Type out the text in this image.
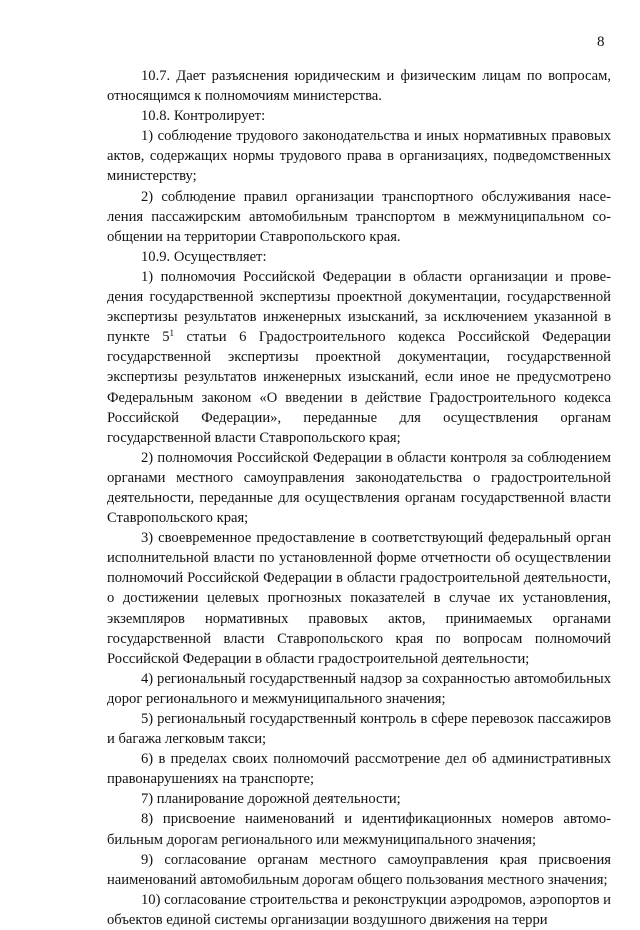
8

10.7. Дает разъяснения юридическим и физическим лицам по вопросам, относящимся к полномочиям министерства.

10.8. Контролирует:

1) соблюдение трудового законодательства и иных нормативных правовых актов, содержащих нормы трудового права в организациях, подведомственных министерству;

2) соблюдение правил организации транспортного обслуживания населения пассажирским автомобильным транспортом в межмуниципальном сообщении на территории Ставропольского края.

10.9. Осуществляет:

1) полномочия Российской Федерации в области организации и проведения государственной экспертизы проектной документации, государственной экспертизы результатов инженерных изысканий, за исключением указанной в пункте $5^1$ статьи 6 Градостроительного кодекса Российской Федерации государственной экспертизы проектной документации, государственной экспертизы результатов инженерных изысканий, если иное не предусмотрено Федеральным законом «О введении в действие Градостроительного кодекса Российской Федерации», переданные для осуществления органам государственной власти Ставропольского края;

2) полномочия Российской Федерации в области контроля за соблюдением органами местного самоуправления законодательства о градостроительной деятельности, переданные для осуществления органам государственной власти Ставропольского края;

3) своевременное предоставление в соответствующий федеральный орган исполнительной власти по установленной форме отчетности об осуществлении полномочий Российской Федерации в области градостроительной деятельности, о достижении целевых прогнозных показателей в случае их установления, экземпляров нормативных правовых актов, принимаемых органами государственной власти Ставропольского края по вопросам полномочий Российской Федерации в области градостроительной деятельности;

4) региональный государственный надзор за сохранностью автомобильных дорог регионального и межмуниципального значения;

5) региональный государственный контроль в сфере перевозок пассажиров и багажа легковым такси;

6) в пределах своих полномочий рассмотрение дел об административных правонарушениях на транспорте;

7) планирование дорожной деятельности;

8) присвоение наименований и идентификационных номеров автомобильным дорогам регионального или межмуниципального значения;

9) согласование органам местного самоуправления края присвоения наименований автомобильным дорогам общего пользования местного значения;

10) согласование строительства и реконструкции аэродромов, аэропортов и объектов единой системы организации воздушного движения на терри
